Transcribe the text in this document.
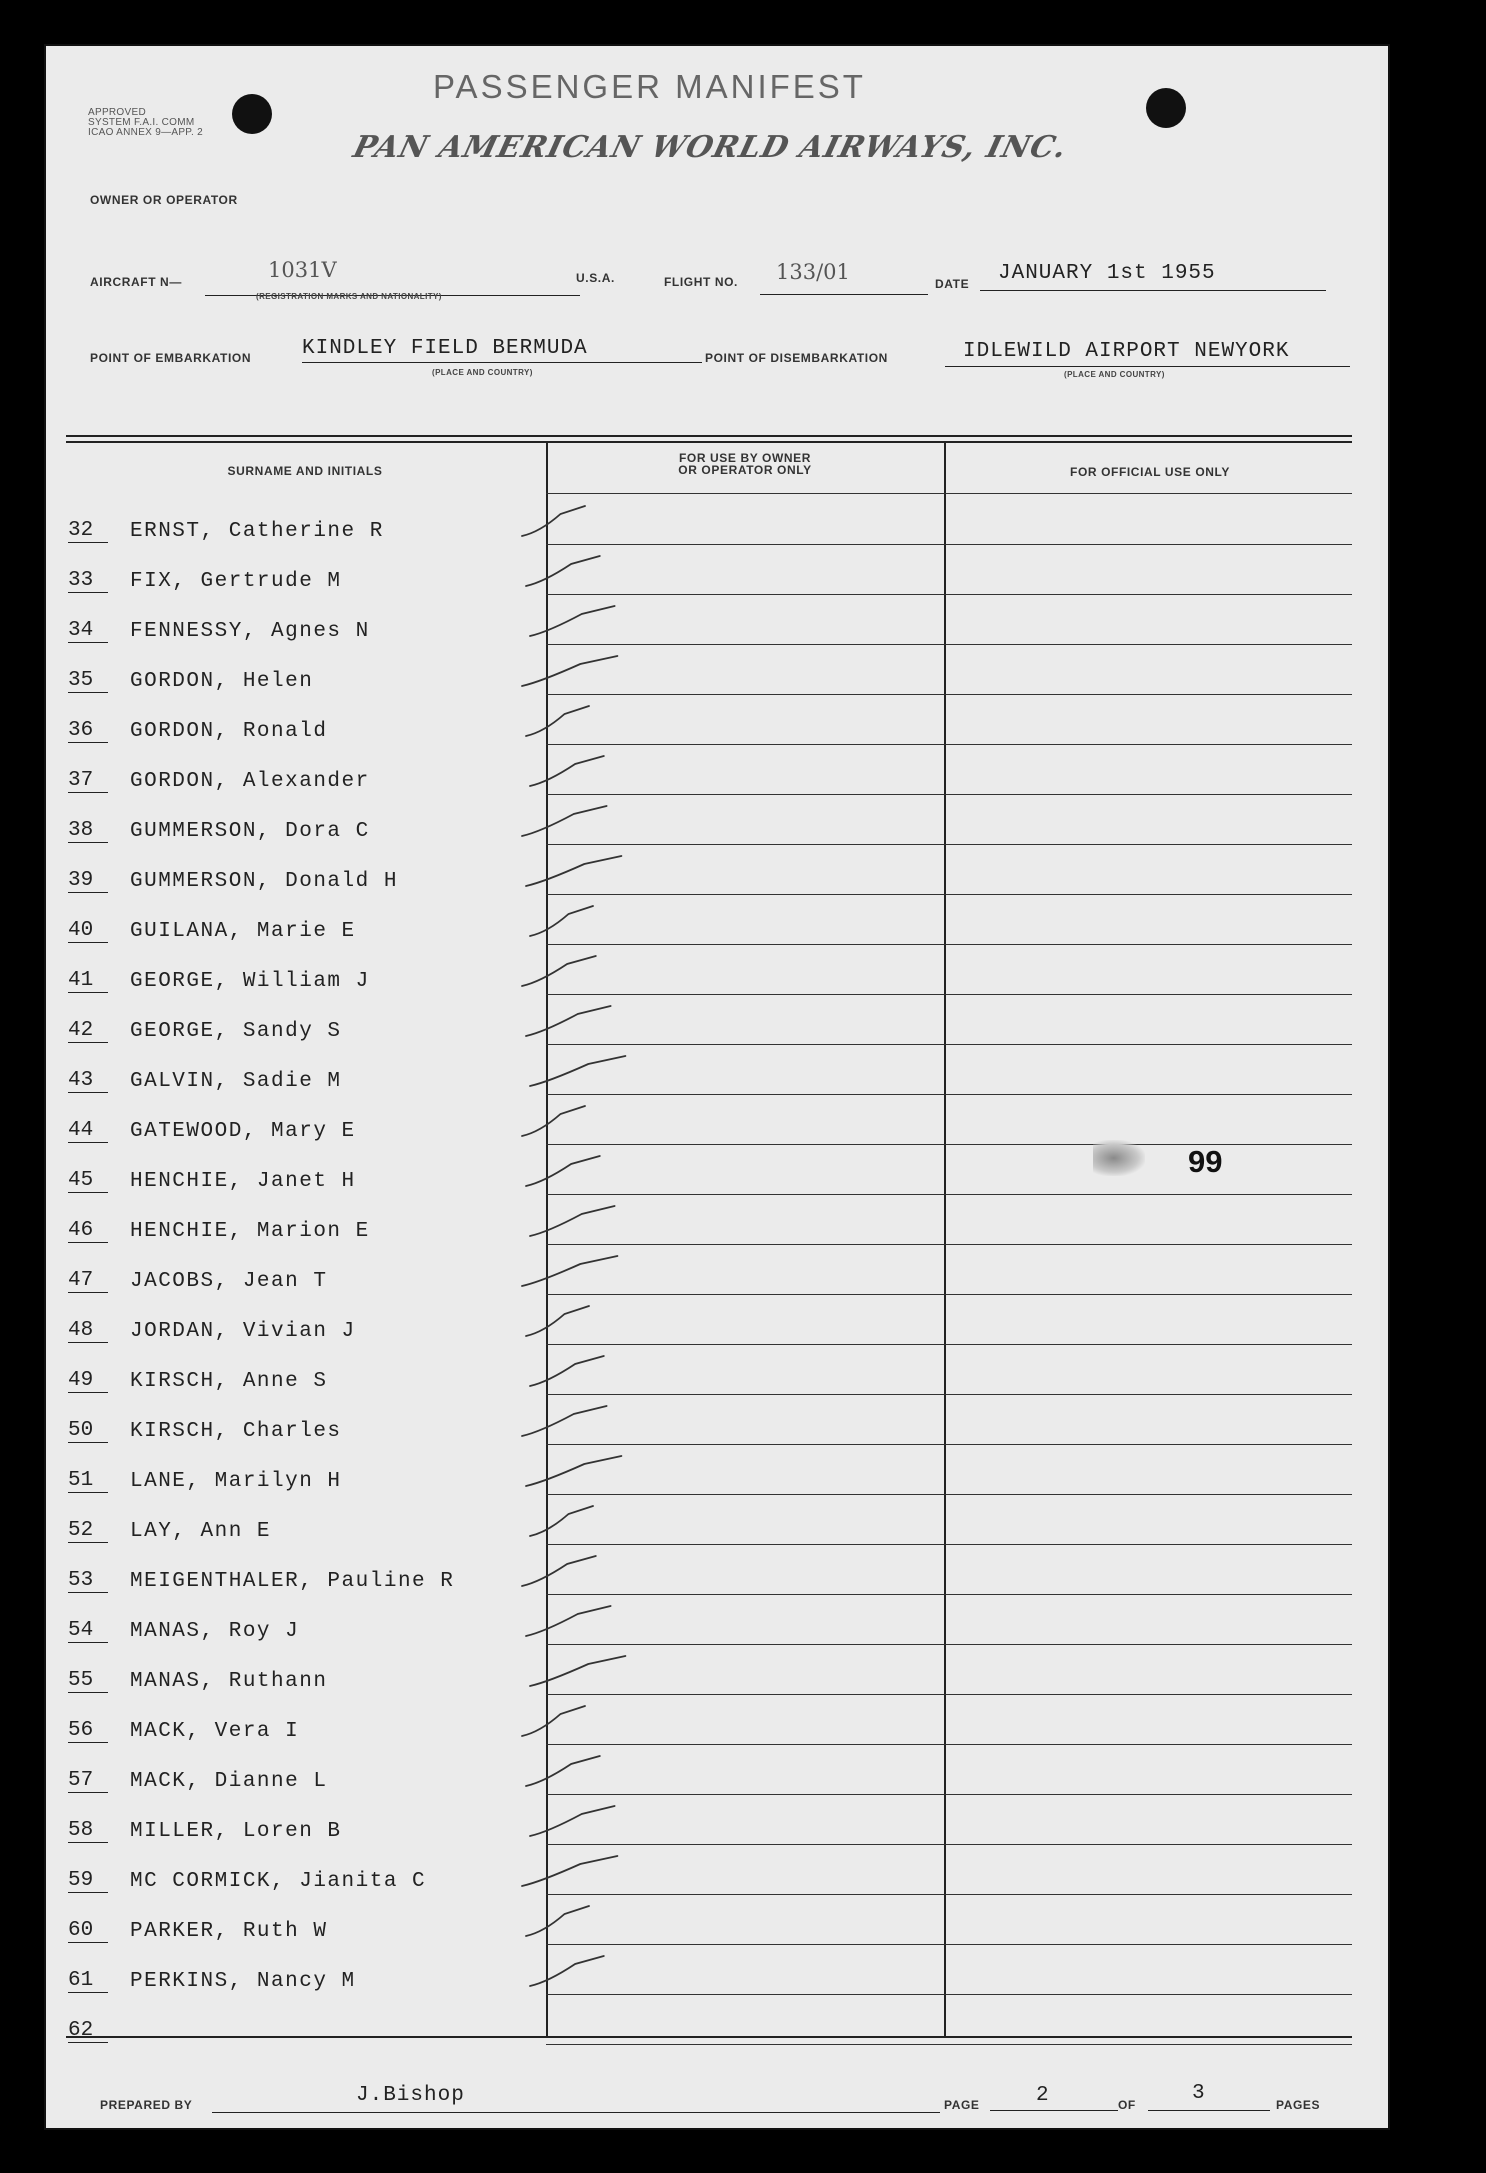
APPROVED
SYSTEM F.A.I. COMM
ICAO ANNEX 9—APP. 2
PASSENGER MANIFEST
OWNER OR OPERATOR
PAN AMERICAN WORLD AIRWAYS, INC.
AIRCRAFT N—	1031V
(REGISTRATION MARKS AND NATIONALITY)
U.S.A.	FLIGHT NO. 133/01	DATE JANUARY 1st 1955
POINT OF EMBARKATION KINDLEY FIELD BERMUDA
(PLACE AND COUNTRY)
POINT OF DISEMBARKATION	IDLEWILD AIRPORT NEWYORK
(PLACE AND COUNTRY)
SURNAME AND INITIALS
FOR USE BY OWNER
OR OPERATOR ONLY	FOR OFFICIAL USE ONLY
32	ERNST, Catherine R
33	FIX, Gertrude M
34	FENNESSY, Agnes N
35	GORDON, Helen
36	GORDON, Ronald
37	GORDON, Alexander
38	GUMMERSON, Dora C
39	GUMMERSON, Donald H
40	GUILANA, Marie E
41	GEORGE, William J
42	GEORGE, Sandy S
43	GALVIN, Sadie M
44	GATEWOOD, Mary E
45	HENCHIE, Janet H
46	HENCHIE, Marion E
47	JACOBS, Jean T
48	JORDAN, Vivian J
49	KIRSCH, Anne S
50	KIRSCH, Charles
51	LANE, Marilyn H
52	LAY, Ann E
53	MEIGENTHALER, Pauline R
54	MANAS, Roy J
55	MANAS, Ruthann
56	MACK, Vera I
57	MACK, Dianne L
58	MILLER, Loren B
59	MC CORMICK, Jianita C
60	PARKER, Ruth W
61	PERKINS, Nancy M
62
99
PREPARED BY	J.Bishop	PAGE	2	OF	3	PAGES
